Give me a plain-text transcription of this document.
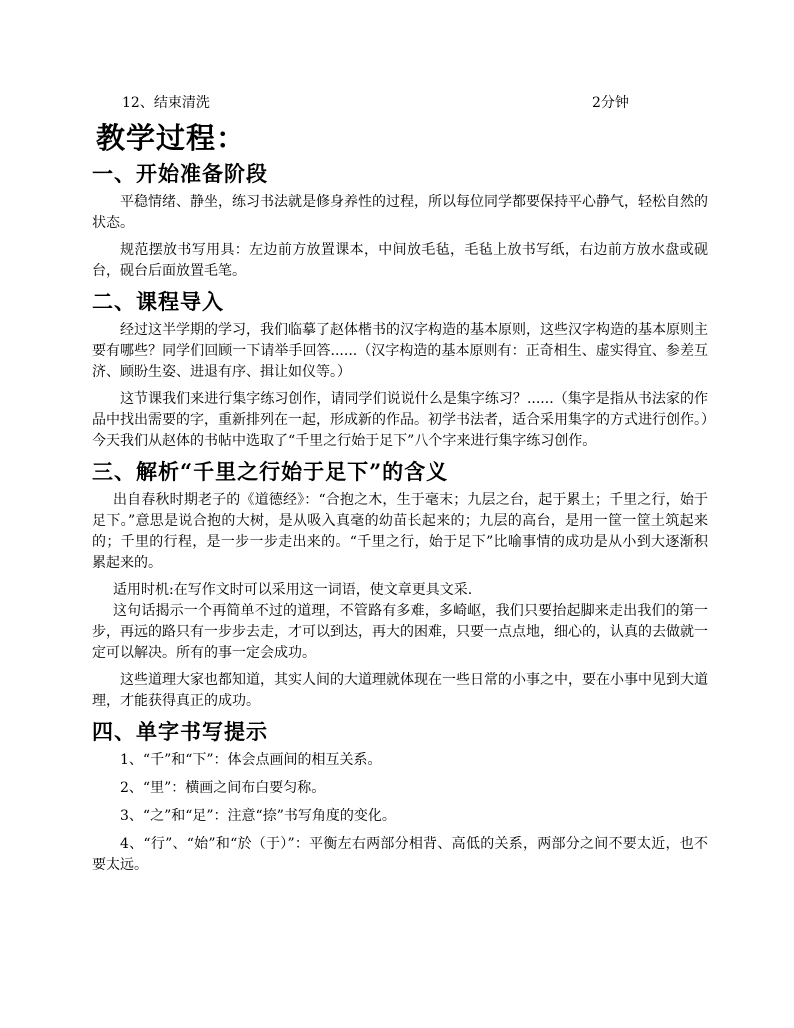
12、结束清洗	2分钟
教学过程：
一、开始准备阶段

平稳情绪、静坐，练习书法就是修身养性的过程，所以每位同学都要保持平心静气，轻松自然的状态。

规范摆放书写用具：左边前方放置课本，中间放毛毡，毛毡上放书写纸，右边前方放水盘或砚台，砚台后面放置毛笔。

二、课程导入

经过这半学期的学习，我们临摹了赵体楷书的汉字构造的基本原则，这些汉字构造的基本原则主要有哪些？同学们回顾一下请举手回答......（汉字构造的基本原则有：正奇相生、虚实得宜、参差互济、顾盼生姿、进退有序、揖让如仪等。）

这节课我们来进行集字练习创作，请同学们说说什么是集字练习？......（集字是指从书法家的作品中找出需要的字，重新排列在一起，形成新的作品。初学书法者，适合采用集字的方式进行创作。）今天我们从赵体的书帖中选取了“千里之行始于足下”八个字来进行集字练习创作。

三、解析“千里之行始于足下”的含义

出自春秋时期老子的《道德经》：“合抱之木，生于毫末；九层之台，起于累土；千里之行，始于足下。”意思是说合抱的大树，是从吸入真毫的幼苗长起来的；九层的高台，是用一筐一筐土筑起来的；千里的行程，是一步一步走出来的。“千里之行，始于足下”比喻事情的成功是从小到大逐渐积累起来的。

适用时机:在写作文时可以采用这一词语，使文章更具文采.

这句话揭示一个再简单不过的道理，不管路有多难，多崎岖，我们只要抬起脚来走出我们的第一步，再远的路只有一步步去走，才可以到达，再大的困难，只要一点点地，细心的，认真的去做就一定可以解决。所有的事一定会成功。

这些道理大家也都知道，其实人间的大道理就体现在一些日常的小事之中，要在小事中见到大道理，才能获得真正的成功。

四、单字书写提示

1、“千”和“下”：体会点画间的相互关系。

2、“里”：横画之间布白要匀称。

3、“之”和“足”：注意“捺”书写角度的变化。

4、“行”、“始”和“於（于）”：平衡左右两部分相背、高低的关系，两部分之间不要太近，也不要太远。
